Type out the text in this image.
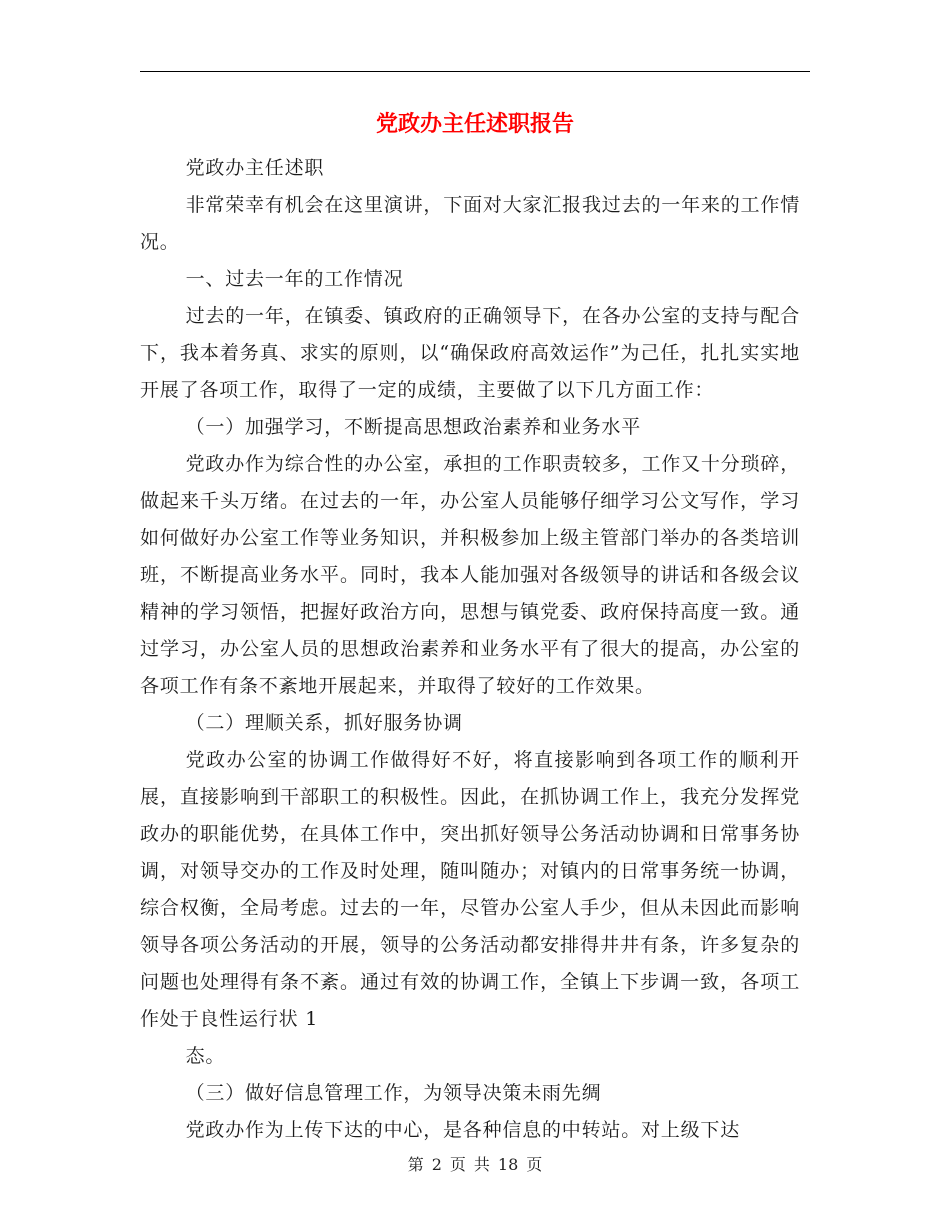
党政办主任述职报告

党政办主任述职

非常荣幸有机会在这里演讲，下面对大家汇报我过去的一年来的工作情况。

一、过去一年的工作情况

过去的一年，在镇委、镇政府的正确领导下，在各办公室的支持与配合下，我本着务真、求实的原则，以“确保政府高效运作”为己任，扎扎实实地开展了各项工作，取得了一定的成绩，主要做了以下几方面工作：

（一）加强学习，不断提高思想政治素养和业务水平

党政办作为综合性的办公室，承担的工作职责较多，工作又十分琐碎，做起来千头万绪。在过去的一年，办公室人员能够仔细学习公文写作，学习如何做好办公室工作等业务知识，并积极参加上级主管部门举办的各类培训班，不断提高业务水平。同时，我本人能加强对各级领导的讲话和各级会议精神的学习领悟，把握好政治方向，思想与镇党委、政府保持高度一致。通过学习，办公室人员的思想政治素养和业务水平有了很大的提高，办公室的各项工作有条不紊地开展起来，并取得了较好的工作效果。

（二）理顺关系，抓好服务协调

党政办公室的协调工作做得好不好，将直接影响到各项工作的顺利开展，直接影响到干部职工的积极性。因此，在抓协调工作上，我充分发挥党政办的职能优势，在具体工作中，突出抓好领导公务活动协调和日常事务协调，对领导交办的工作及时处理，随叫随办；对镇内的日常事务统一协调，综合权衡，全局考虑。过去的一年，尽管办公室人手少，但从未因此而影响领导各项公务活动的开展，领导的公务活动都安排得井井有条，许多复杂的问题也处理得有条不紊。通过有效的协调工作，全镇上下步调一致，各项工作处于良性运行状 1

态。

（三）做好信息管理工作，为领导决策未雨先绸

党政办作为上传下达的中心，是各种信息的中转站。对上级下达

第 2 页 共 18 页
